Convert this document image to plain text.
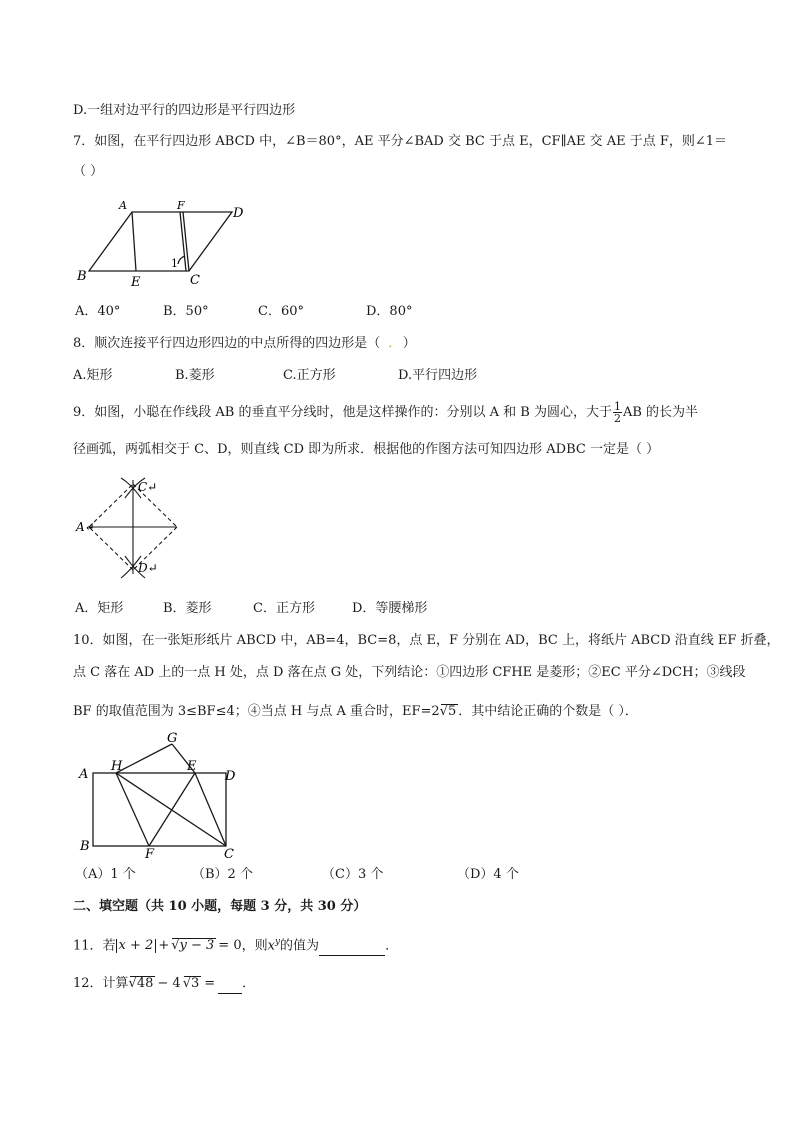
D.一组对边平行的四边形是平行四边形
7．如图，在平行四边形 ABCD 中，∠B＝80°，AE 平分∠BAD 交 BC 于点 E，CF∥AE 交 AE 于点 F，则∠1＝
（ ）
A	F
D
B	E	C
1
A．40°	B．50°	C．60°	D．80°
8．顺次连接平行四边形四边的中点所得的四边形是（ ． ）
A.矩形	B.菱形	C.正方形	D.平行四边形
9．如图，小聪在作线段 AB 的垂直平分线时，他是这样操作的：分别以 A 和 B 为圆心，大于 $\frac{1}{2}$ AB 的长为半
径画弧，两弧相交于 C、D，则直线 CD 即为所求．根据他的作图方法可知四边形 ADBC 一定是（ ）
C↵
A↵
D↵
A．矩形	B．菱形	C．正方形	D．等腰梯形
10．如图，在一张矩形纸片 ABCD 中，AB=4，BC=8，点 E，F 分别在 AD，BC 上，将纸片 ABCD 沿直线 EF 折叠，
点 C 落在 AD 上的一点 H 处，点 D 落在点 G 处，下列结论：①四边形 CFHE 是菱形；②EC 平分∠DCH；③线段
BF 的取值范围为 3≤BF≤4；④当点 H 与点 A 重合时，EF=2√5 ．其中结论正确的个数是（ ）．
A
H
G
E
D
B
F	C
（A）1 个	（B）2 个	（C）3 个	（D）4 个
二、填空题（共 10 小题，每题 3 分，共 30 分）
11．若 x + 2 + √y − 3 = 0，则$x^y$的值为	．
12．计算√48 − 4 √3 = ．
